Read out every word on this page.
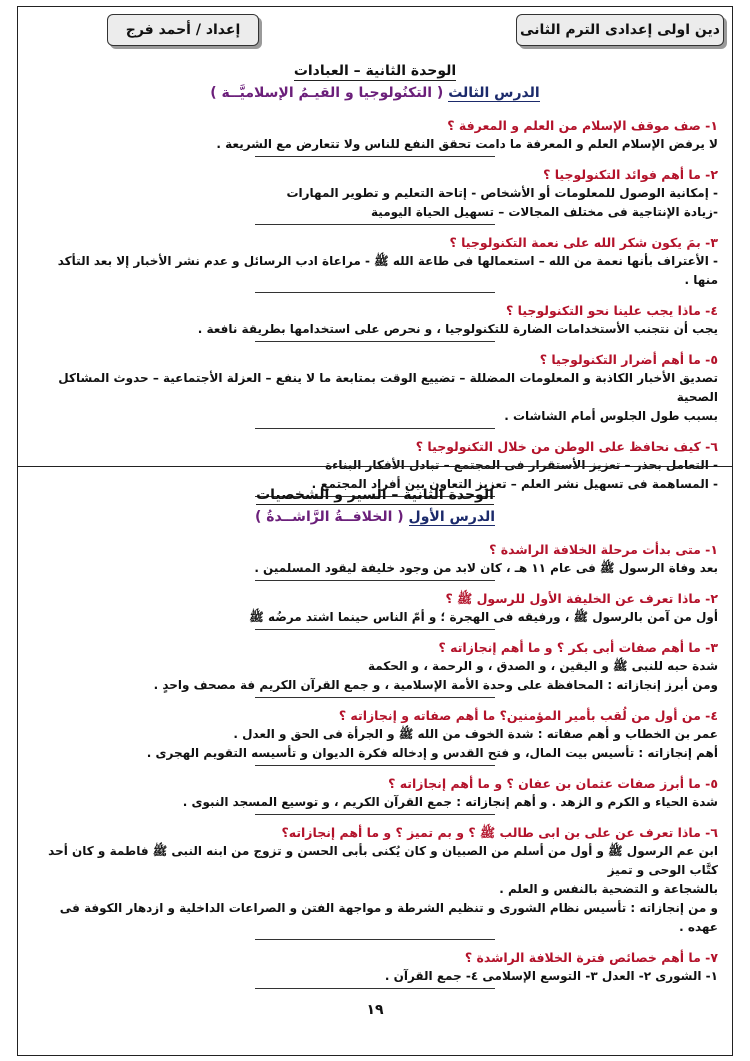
دين اولى إعدادى الترم الثانى
إعداد / أحمد فرج

الوحدة الثانية – العبادات

الدرس الثالث ( التكنُولوجيا و القيـمُ الإسلاميَّــة )

١- صف موقف الإسلام من العلم و المعرفة ؟

لا يرفض الإسلام العلم و المعرفة ما دامت تحقق النفع للناس ولا تتعارض مع الشريعة .

٢- ما أهم فوائد التكنولوجيا ؟

- إمكانية الوصول للمعلومات أو الأشخاص - إتاحة التعليم و تطوير المهارات

-زيادة الإنتاجية فى مختلف المجالات – تسهيل الحياة اليومية

٣- بمَ يكون شكر الله على نعمة التكنولوجيا ؟

- الأعتراف بأنها نعمة من الله – استعمالها فى طاعة الله ﷺ - مراعاة ادب الرسائل و عدم نشر الأخبار إلا بعد التأكد منها .

٤- ماذا يجب علينا نحو التكنولوجيا ؟

يجب أن نتجنب الأستخدامات الضارة للتكنولوجيا ، و نحرص على استخدامها بطريقة نافعة .

٥- ما أهم أضرار التكنولوجيا ؟

تصديق الأخبار الكاذبة و المعلومات المضللة – تضييع الوقت بمتابعة ما لا ينفع – العزلة الأجتماعية – حدوث المشاكل الصحية

بسبب طول الجلوس أمام الشاشات .

٦- كيف نحافظ على الوطن من خلال التكنولوجيا ؟

- التعامل بحذر – تعزيز الأستقرار فى المجتمع – تبادل الأفكار البناءة

- المساهمة فى تسهيل نشر العلم – تعزيز التعاون بين أفراد المجتمع .

الوحدة الثانية – السير و الشخصيات

الدرس الأول ( الخلافــةُ الرَّاشــدةُ )

١- متى بدأت مرحلة الخلافة الراشدة ؟

بعد وفاة الرسول ﷺ فى عام ١١ هـ ، كان لابد من وجود خليفة ليقود المسلمين .

٢- ماذا تعرف عن الخليفة الأول للرسول ﷺ ؟

أول من آمن بالرسول ﷺ ، ورفيقه فى الهجرة ؛ و أمّ الناس حينما اشتد مرضُه ﷺ

٣- ما أهم صفات أبى بكر ؟ و ما أهم إنجازاته ؟

شدة حبه للنبى ﷺ و اليقين ، و الصدق ، و الرحمة ، و الحكمة

ومن أبرز إنجازاته : المحافظة على وحدة الأمة الإسلامية ، و جمع القرآن الكريم فة مصحف واحدٍ .

٤- من أول من لُقب بأمير المؤمنين؟ ما أهم صفاته و إنجازاته ؟

عمر بن الخطاب و أهم صفاته : شدة الخوف من الله ﷺ و الجرأة فى الحق و العدل .

أهم إنجازاته : تأسيس بيت المال، و فتح القدس و إدخاله فكرة الديوان و تأسيسه التقويم الهجرى .

٥- ما أبرز صفات عثمان بن عفان ؟ و ما أهم إنجازاته ؟

شدة الحياء و الكرم و الزهد . و أهم إنجازاته : جمع القرآن الكريم ، و توسيع المسجد النبوى .

٦- ماذا تعرف عن على بن ابى طالب ﷺ ؟ و بم تميز ؟ و ما أهم إنجازاته؟

ابن عم الرسول ﷺ و أول من أسلم من الصبيان و كان يُكنى بأبى الحسن و تزوج من ابنه النبى ﷺ فاطمة و كان أحد كتَّاب الوحى و تميز

بالشجاعة و التضحية بالنفس و العلم .

و من إنجازاته : تأسيس نظام الشورى و تنظيم الشرطة و مواجهة الفتن و الصراعات الداخلية و ازدهار الكوفة فى عهده .

٧- ما أهم خصائص فترة الخلافة الراشدة ؟

١- الشورى ٢- العدل ٣- التوسع الإسلامى ٤- جمع القرآن .

١٩
